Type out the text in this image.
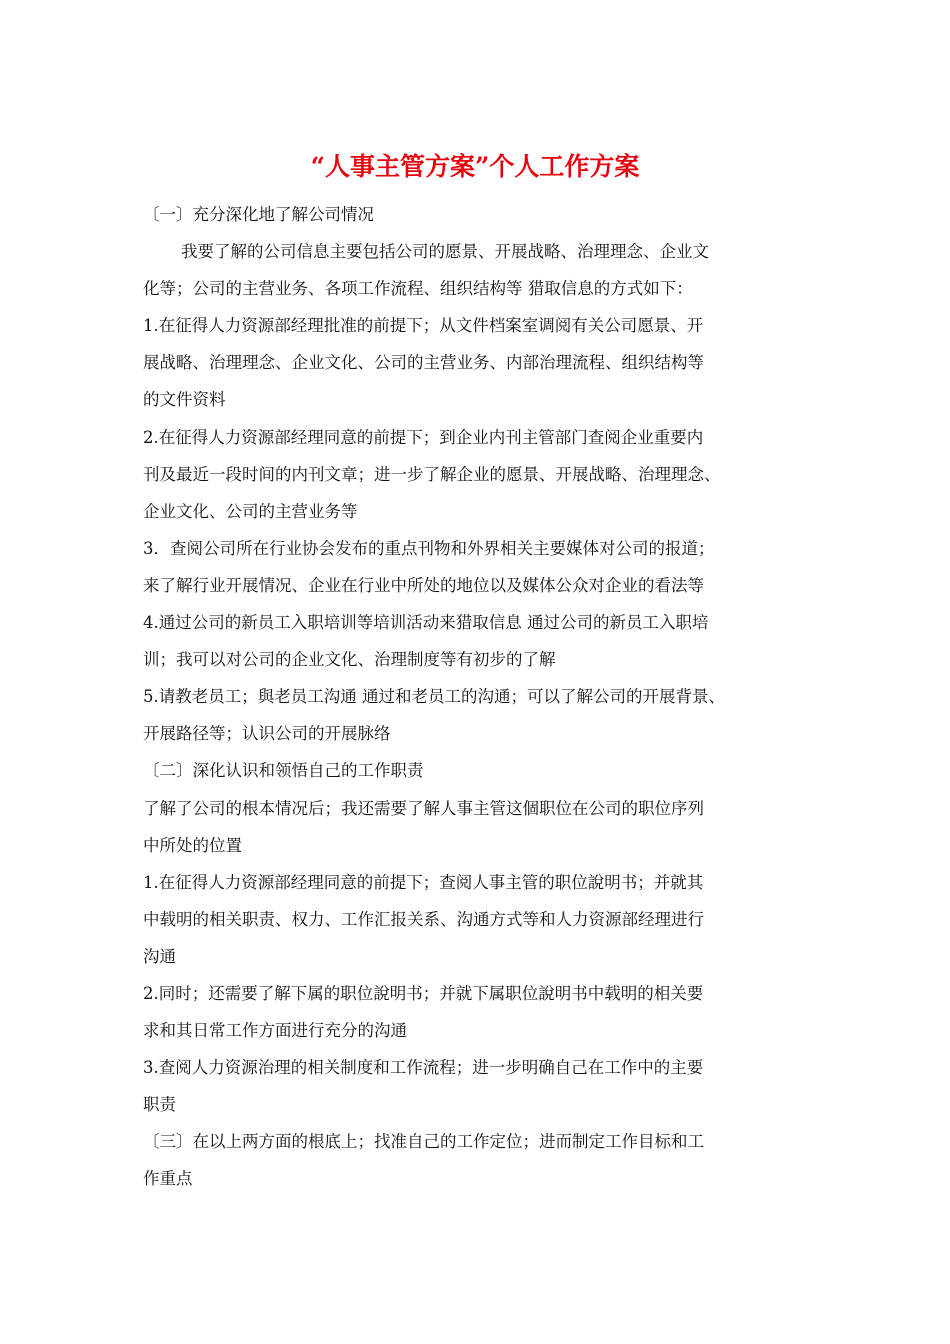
“人事主管方案”个人工作方案
〔一〕充分深化地了解公司情况
我要了解的公司信息主要包括公司的愿景、开展战略、治理理念、企业文
化等；公司的主营业务、各项工作流程、组织结构等 猎取信息的方式如下：
1.在征得人力资源部经理批准的前提下；从文件档案室调阅有关公司愿景、开
展战略、治理理念、企业文化、公司的主营业务、内部治理流程、组织结构等
的文件资料
2.在征得人力资源部经理同意的前提下；到企业内刊主管部门查阅企业重要内
刊及最近一段时间的内刊文章；进一步了解企业的愿景、开展战略、治理理念、
企业文化、公司的主营业务等
3．查阅公司所在行业协会发布的重点刊物和外界相关主要媒体对公司的报道；
来了解行业开展情况、企业在行业中所处的地位以及媒体公众对企业的看法等
4.通过公司的新员工入职培训等培训活动来猎取信息 通过公司的新员工入职培
训；我可以对公司的企业文化、治理制度等有初步的了解
5.请教老员工；與老员工沟通 通过和老员工的沟通；可以了解公司的开展背景、
开展路径等；认识公司的开展脉络
〔二〕深化认识和领悟自己的工作职责
了解了公司的根本情况后；我还需要了解人事主管这個职位在公司的职位序列
中所处的位置
1.在征得人力资源部经理同意的前提下；查阅人事主管的职位說明书；并就其
中载明的相关职责、权力、工作汇报关系、沟通方式等和人力资源部经理进行
沟通
2.同时；还需要了解下属的职位說明书；并就下属职位說明书中载明的相关要
求和其日常工作方面进行充分的沟通
3.查阅人力资源治理的相关制度和工作流程；进一步明确自己在工作中的主要
职责
〔三〕在以上两方面的根底上；找准自己的工作定位；进而制定工作目标和工
作重点
